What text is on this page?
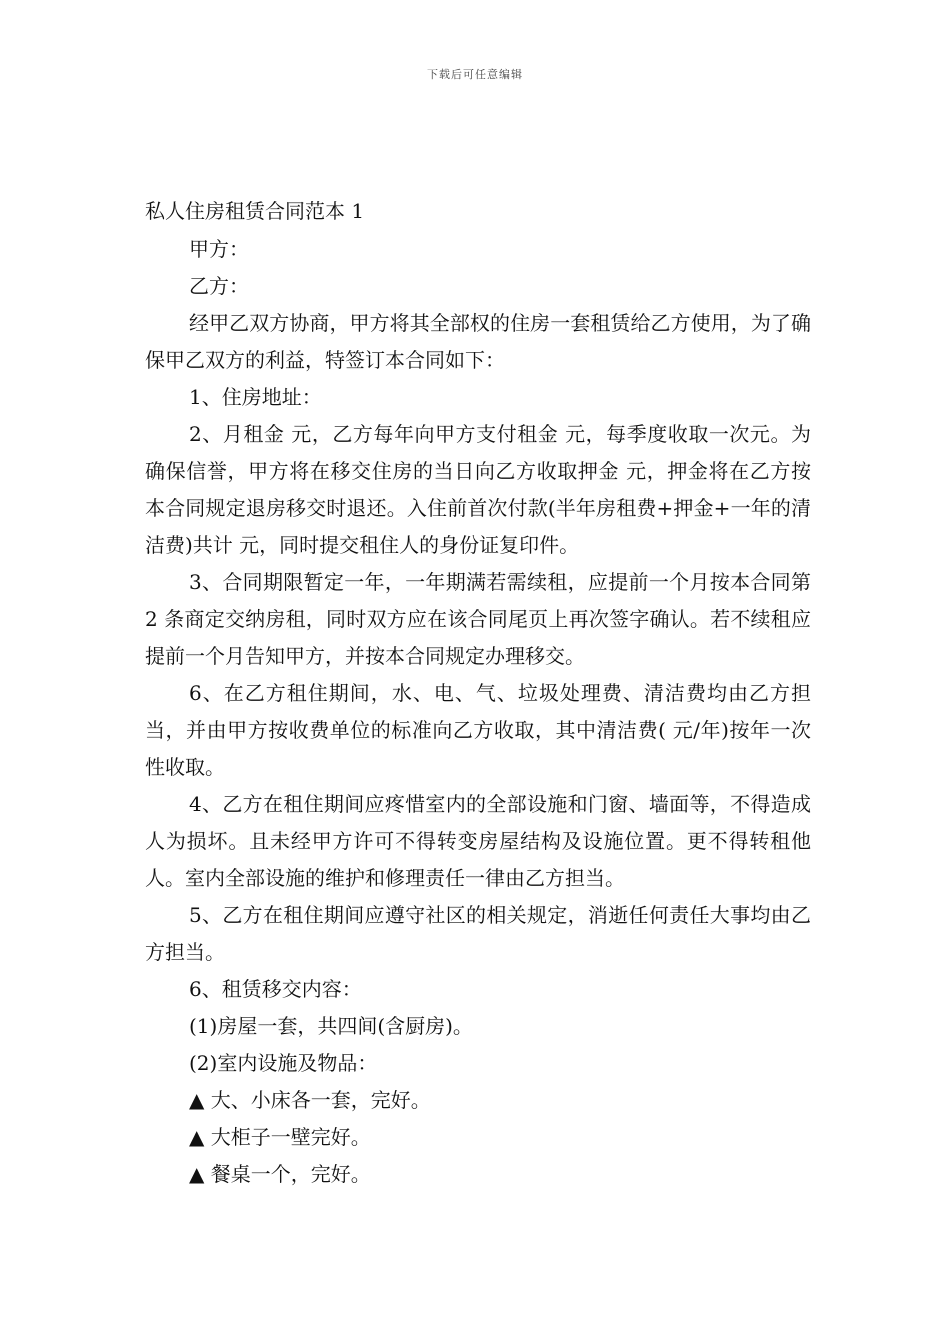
下载后可任意编辑

私人住房租赁合同范本 1

甲方：

乙方：

经甲乙双方协商，甲方将其全部权的住房一套租赁给乙方使用，为了确保甲乙双方的利益，特签订本合同如下：

1、住房地址：

2、月租金 元，乙方每年向甲方支付租金 元，每季度收取一次元。为确保信誉，甲方将在移交住房的当日向乙方收取押金 元，押金将在乙方按本合同规定退房移交时退还。入住前首次付款(半年房租费+押金+一年的清洁费)共计 元，同时提交租住人的身份证复印件。

3、合同期限暂定一年，一年期满若需续租，应提前一个月按本合同第 2 条商定交纳房租，同时双方应在该合同尾页上再次签字确认。若不续租应提前一个月告知甲方，并按本合同规定办理移交。

6、在乙方租住期间，水、电、气、垃圾处理费、清洁费均由乙方担当，并由甲方按收费单位的标准向乙方收取，其中清洁费( 元/年)按年一次性收取。

4、乙方在租住期间应疼惜室内的全部设施和门窗、墙面等，不得造成人为损坏。且未经甲方许可不得转变房屋结构及设施位置。更不得转租他人。室内全部设施的维护和修理责任一律由乙方担当。

5、乙方在租住期间应遵守社区的相关规定，消逝任何责任大事均由乙方担当。

6、租赁移交内容：

(1)房屋一套，共四间(含厨房)。

(2)室内设施及物品：

▲ 大、小床各一套，完好。

▲ 大柜子一壁完好。

▲ 餐桌一个，完好。
